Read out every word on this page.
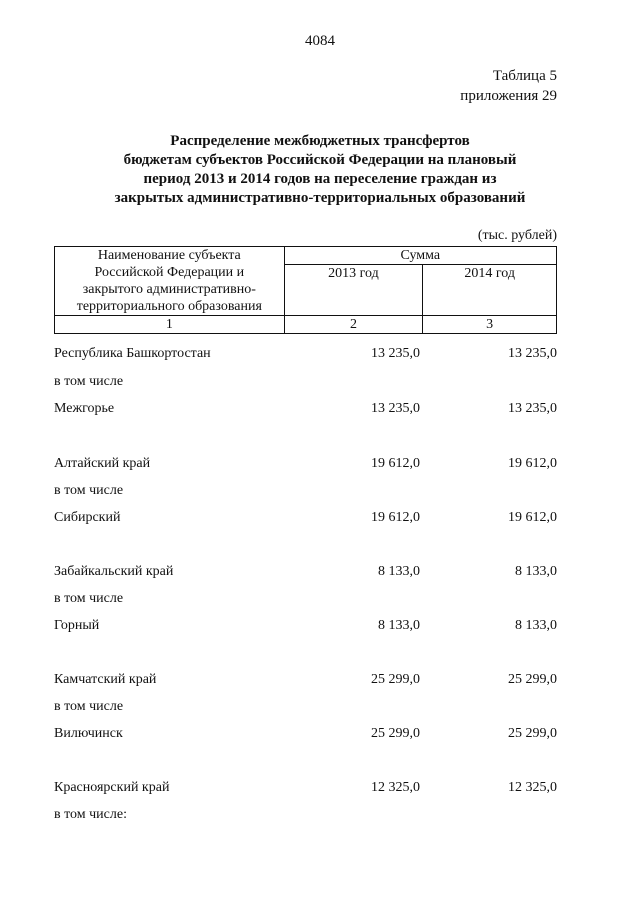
4084
Таблица 5
приложения 29
Распределение межбюджетных трансфертов
бюджетам субъектов Российской Федерации на плановый
период 2013 и 2014 годов на переселение граждан из
закрытых административно-территориальных образований
(тыс. рублей)
Наименование субъекта
Российской Федерации и
закрытого административно-
территориального образования	Сумма	
	2013 год	2014 год
1	2	3
Республика Башкортостан	13 235,0	13 235,0
в том числе
Межгорье	13 235,0	13 235,0
Алтайский край	19 612,0	19 612,0
в том числе
Сибирский	19 612,0	19 612,0
Забайкальский край	8 133,0	8 133,0
в том числе
Горный	8 133,0	8 133,0
Камчатский край	25 299,0	25 299,0
в том числе
Вилючинск	25 299,0	25 299,0
Красноярский край	12 325,0	12 325,0
в том числе:
